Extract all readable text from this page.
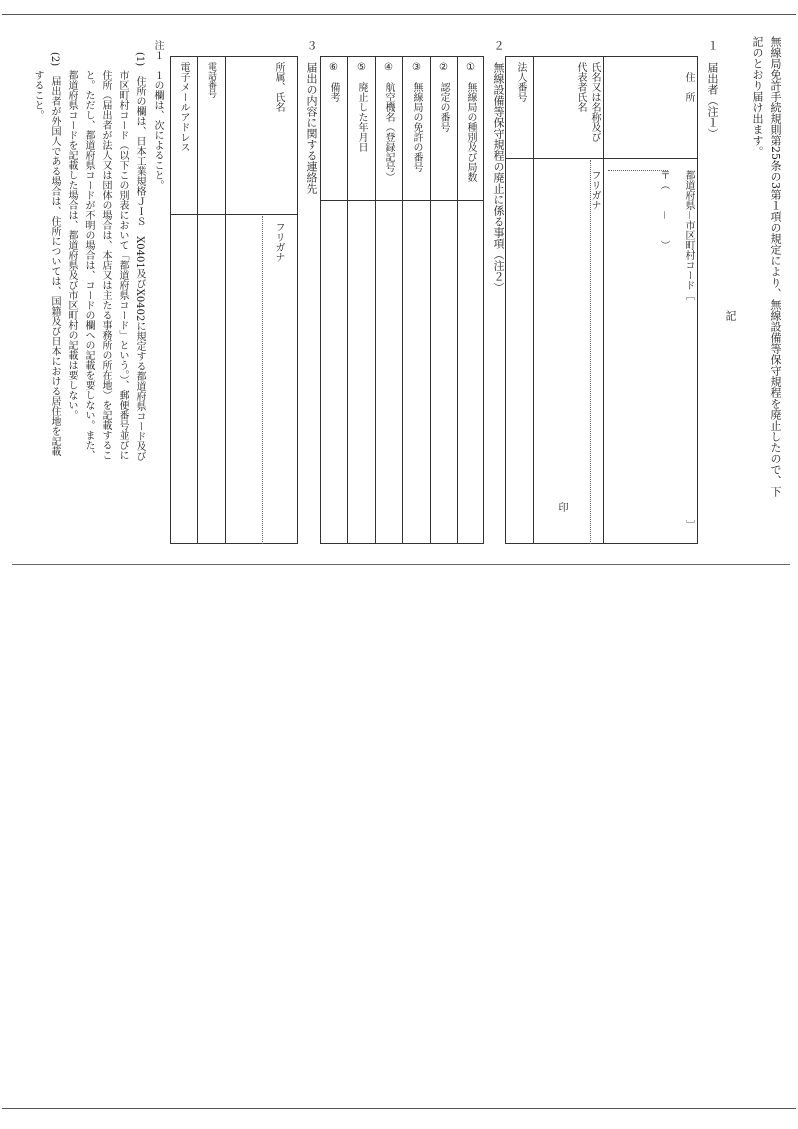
無線局免許手続規則第25条の3第１項の規定により、無線設備等保守規程を廃止したので、下
記のとおり届け出ます。
記
１　届出者（注１）
住　所
都道府県－市区町村コード〔
〕
〒（　　－　　）
氏名又は名称及び
代表者氏名
フリガナ
印
法人番号
２　無線設備等保守規程の廃止に係る事項（注２）
①
無線局の種別及び局数
②
認定の番号
③
無線局の免許の番号
④
航空機名（登録記号）
⑤
廃止した年月日
⑥
備考
３　届出の内容に関する連絡先
所属、氏名
フリガナ
電話番号
電子メールアドレス
注１　１の欄は、次によること。
(1)　住所の欄は、日本工業規格ＪＩＳ　X0401及びX0402に規定する都道府県コード及び
市区町村コード（以下この別表において「都道府県コード」という。）、郵便番号並びに
住所（届出者が法人又は団体の場合は、本店又は主たる事務所の所在地）を記載するこ
と。ただし、都道府県コードが不明の場合は、コードの欄への記載を要しない。また、
都道府県コードを記載した場合は、都道府県及び市区町村の記載は要しない。
(2)　届出者が外国人である場合は、住所については、国籍及び日本における居住地を記載
すること。
